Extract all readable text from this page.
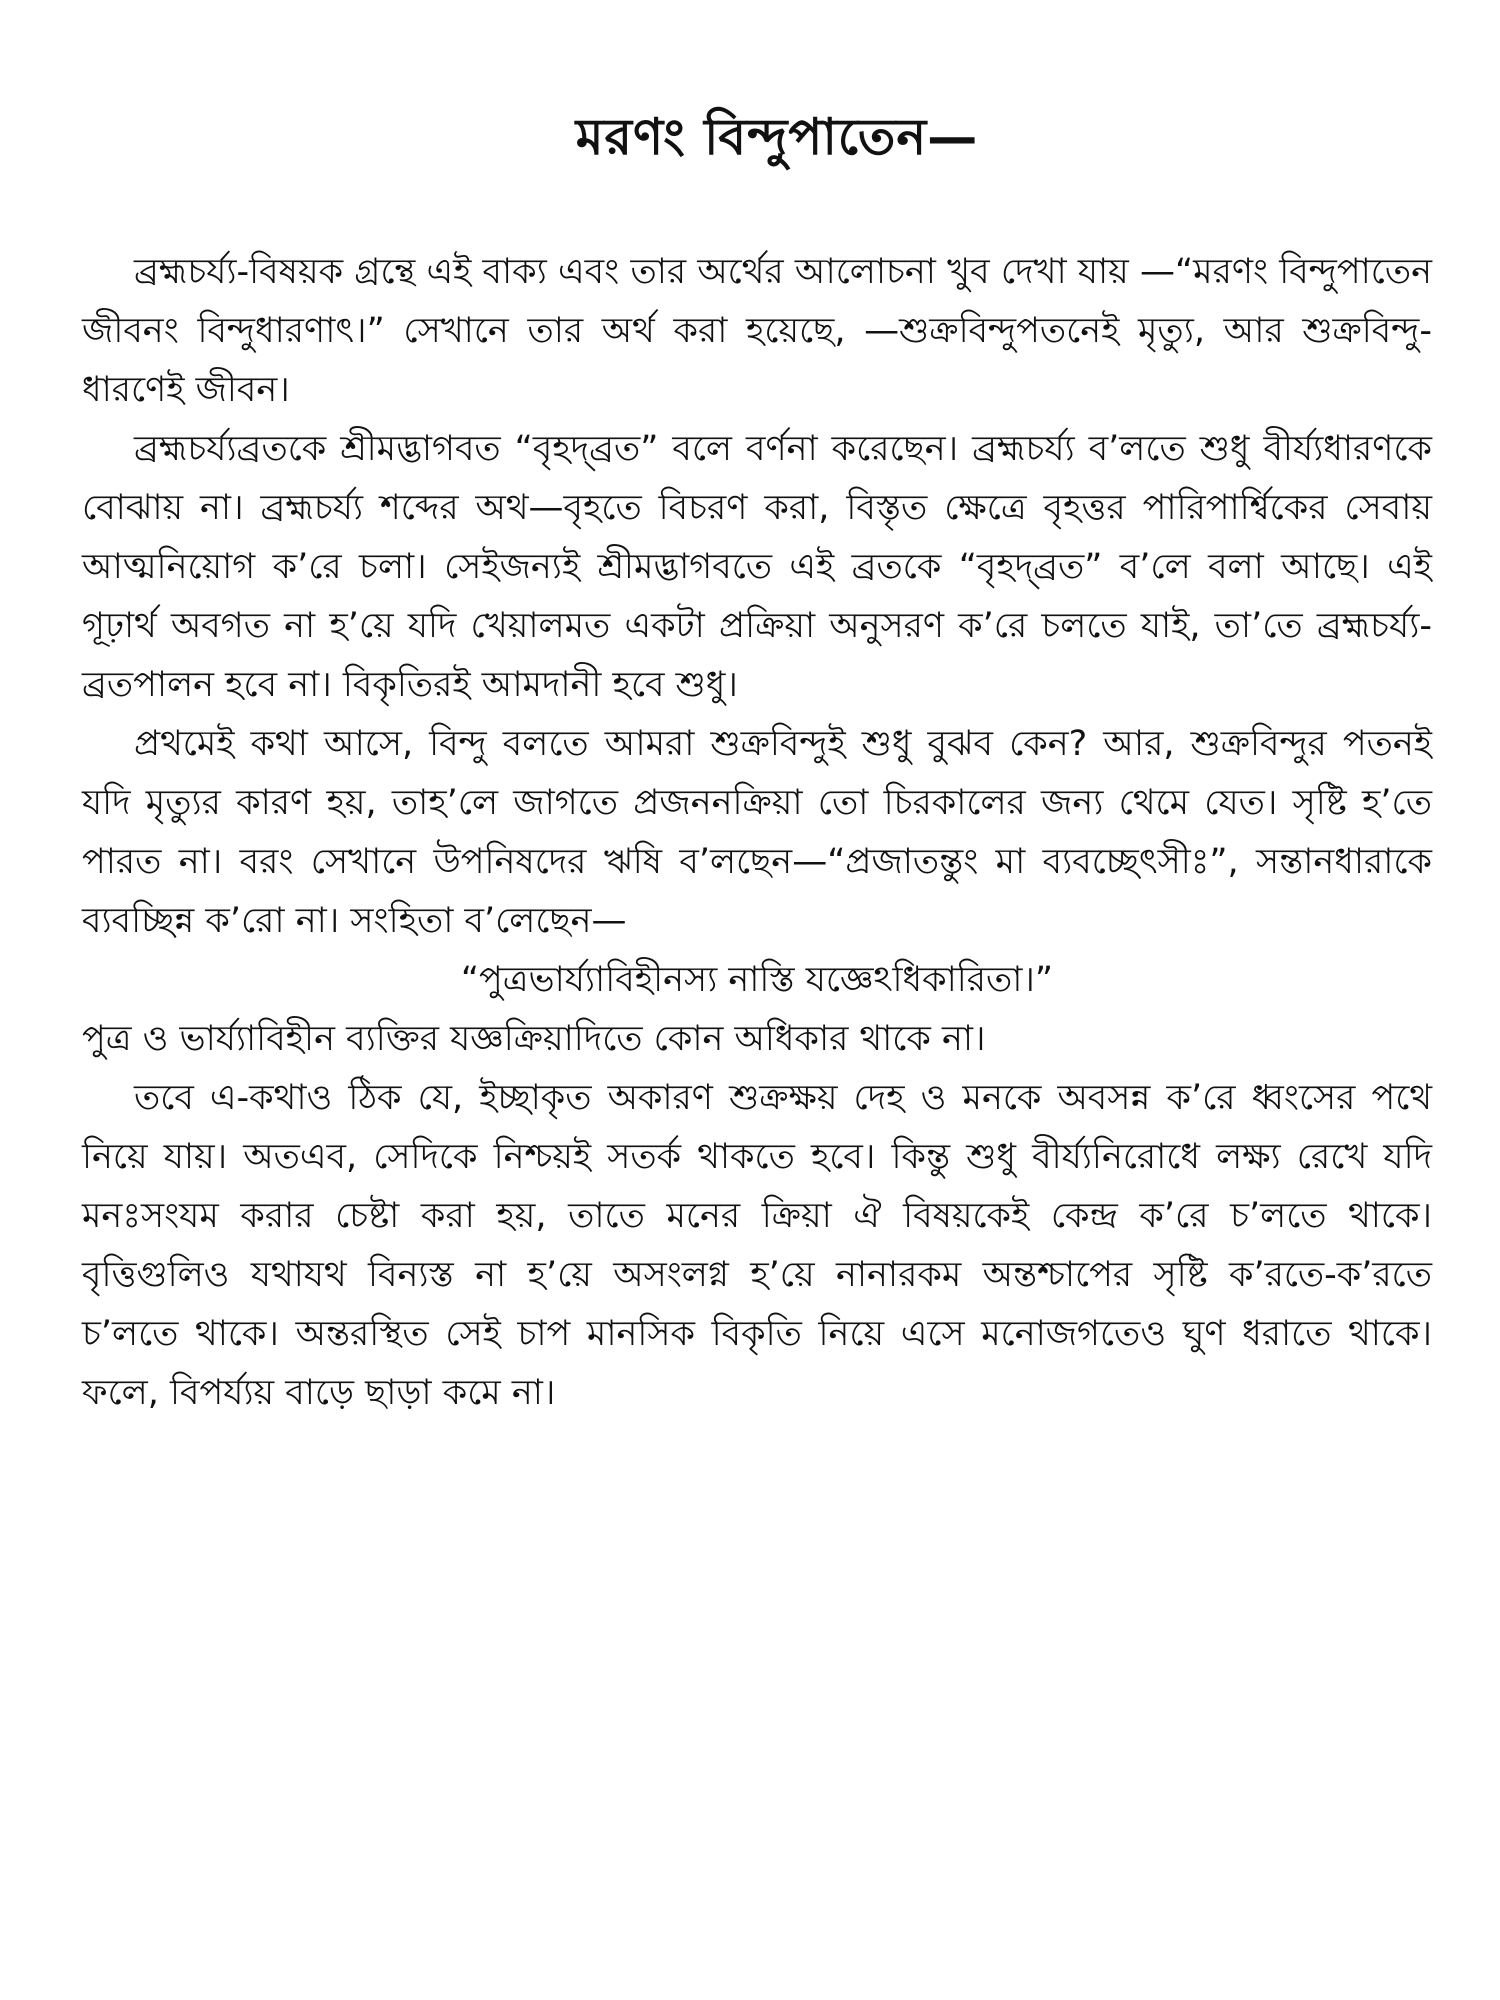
মরণং বিন্দুপাতেন—

ব্রহ্মচর্য্য-বিষয়ক গ্রন্থে এই বাক্য এবং তার অর্থের আলোচনা খুব দেখা যায় —“মরণং বিন্দুপাতেন জীবনং বিন্দুধারণাৎ।” সেখানে তার অর্থ করা হয়েছে, —শুক্রবিন্দুপতনেই মৃত্যু, আর শুক্রবিন্দু-ধারণেই জীবন।

ব্রহ্মচর্য্যব্রতকে শ্রীমদ্ভাগবত “বৃহদ্‌ব্রত” বলে বর্ণনা করেছেন। ব্রহ্মচর্য্য ব’লতে শুধু বীর্য্যধারণকে বোঝায় না। ব্রহ্মচর্য্য শব্দের অথ—বৃহতে বিচরণ করা, বিস্তৃত ক্ষেত্রে বৃহত্তর পারিপার্শ্বিকের সেবায় আত্মনিয়োগ ক’রে চলা। সেইজন্যই শ্রীমদ্ভাগবতে এই ব্রতকে “বৃহদ্‌ব্রত” ব’লে বলা আছে। এই গূঢ়ার্থ অবগত না হ’য়ে যদি খেয়ালমত একটা প্রক্রিয়া অনুসরণ ক’রে চলতে যাই, তা’তে ব্রহ্মচর্য্য-ব্রতপালন হবে না। বিকৃতিরই আমদানী হবে শুধু।

প্রথমেই কথা আসে, বিন্দু বলতে আমরা শুক্রবিন্দুই শুধু বুঝব কেন? আর, শুক্রবিন্দুর পতনই যদি মৃত্যুর কারণ হয়, তাহ’লে জাগতে প্রজননক্রিয়া তো চিরকালের জন্য থেমে যেত। সৃষ্টি হ’তে পারত না। বরং সেখানে উপনিষদের ঋষি ব’লছেন—“প্রজাতন্তুং মা ব্যবচ্ছেৎসীঃ”, সন্তানধারাকে ব্যবচ্ছিন্ন ক’রো না। সংহিতা ব’লেছেন—

“পুত্রভার্য্যাবিহীনস্য নাস্তি যজ্ঞেঽধিকারিতা।”

পুত্র ও ভার্য্যাবিহীন ব্যক্তির যজ্ঞক্রিয়াদিতে কোন অধিকার থাকে না।

তবে এ-কথাও ঠিক যে, ইচ্ছাকৃত অকারণ শুক্রক্ষয় দেহ ও মনকে অবসন্ন ক’রে ধ্বংসের পথে নিয়ে যায়। অতএব, সেদিকে নিশ্চয়ই সতর্ক থাকতে হবে। কিন্তু শুধু বীর্য্যনিরোধে লক্ষ্য রেখে যদি মনঃসংযম করার চেষ্টা করা হয়, তাতে মনের ক্রিয়া ঐ বিষয়কেই কেন্দ্র ক’রে চ’লতে থাকে। বৃত্তিগুলিও যথাযথ বিন্যস্ত না হ’য়ে অসংলগ্ন হ’য়ে নানারকম অন্তশ্চাপের সৃষ্টি ক’রতে-ক’রতে চ’লতে থাকে। অন্তরস্থিত সেই চাপ মানসিক বিকৃতি নিয়ে এসে মনোজগতেও ঘুণ ধরাতে থাকে। ফলে, বিপর্য্যয় বাড়ে ছাড়া কমে না।
